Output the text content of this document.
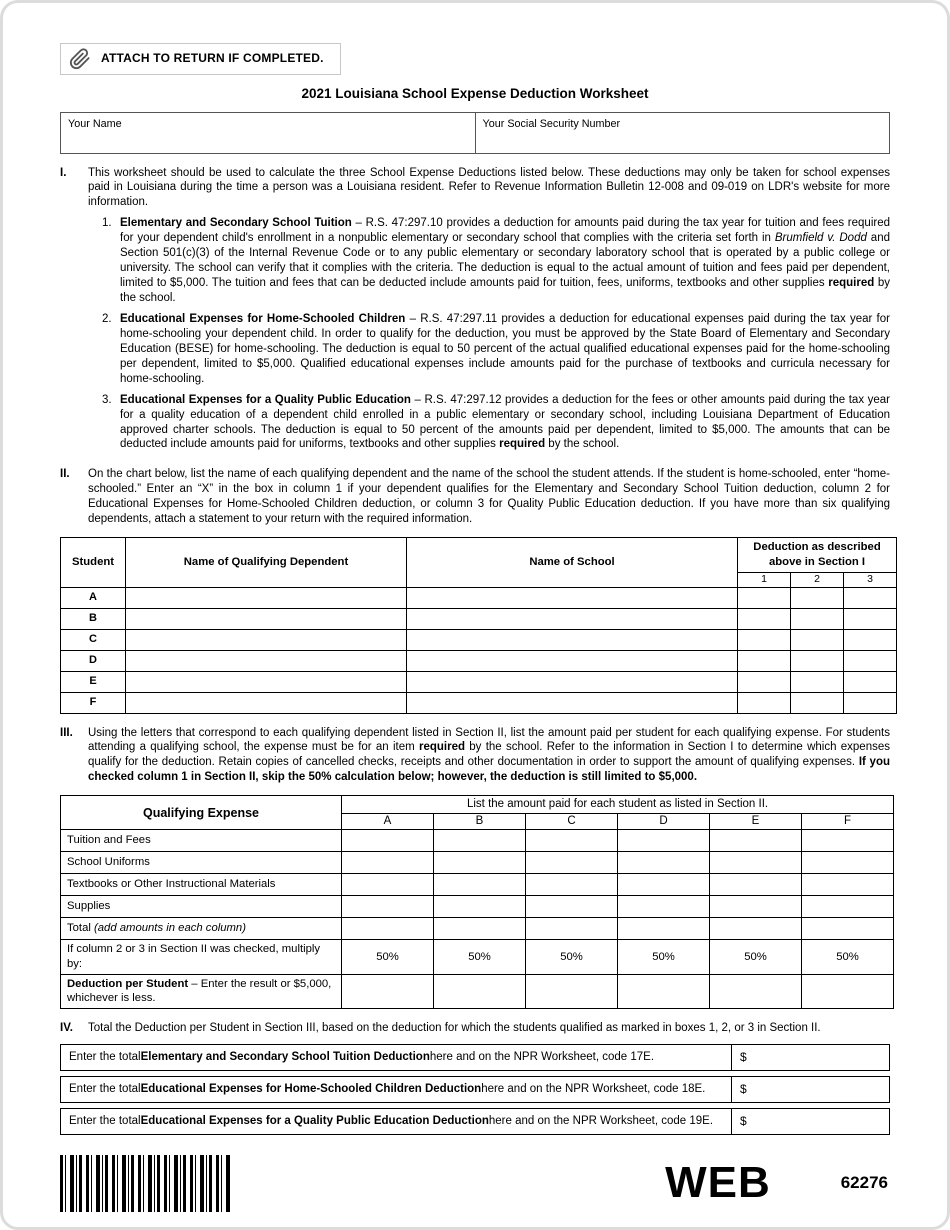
ATTACH TO RETURN IF COMPLETED.
2021 Louisiana School Expense Deduction Worksheet
Your Name	Your Social Security Number
I.	This worksheet should be used to calculate the three School Expense Deductions listed below. These deductions may only be taken for school expenses paid in Louisiana during the time a person was a Louisiana resident. Refer to Revenue Information Bulletin 12-008 and 09-019 on LDR's website for more information.

1. Elementary and Secondary School Tuition – R.S. 47:297.10 provides a deduction for amounts paid during the tax year for tuition and fees required for your dependent child's enrollment in a nonpublic elementary or secondary school that complies with the criteria set forth in Brumfield v. Dodd and Section 501(c)(3) of the Internal Revenue Code or to any public elementary or secondary laboratory school that is operated by a public college or university. The school can verify that it complies with the criteria. The deduction is equal to the actual amount of tuition and fees paid per dependent, limited to $5,000. The tuition and fees that can be deducted include amounts paid for tuition, fees, uniforms, textbooks and other supplies required by the school.
2. Educational Expenses for Home-Schooled Children – R.S. 47:297.11 provides a deduction for educational expenses paid during the tax year for home-schooling your dependent child. In order to qualify for the deduction, you must be approved by the State Board of Elementary and Secondary Education (BESE) for home-schooling. The deduction is equal to 50 percent of the actual qualified educational expenses paid for the home-schooling per dependent, limited to $5,000. Qualified educational expenses include amounts paid for the purchase of textbooks and curricula necessary for home-schooling.
3. Educational Expenses for a Quality Public Education – R.S. 47:297.12 provides a deduction for the fees or other amounts paid during the tax year for a quality education of a dependent child enrolled in a public elementary or secondary school, including Louisiana Department of Education approved charter schools. The deduction is equal to 50 percent of the amounts paid per dependent, limited to $5,000. The amounts that can be deducted include amounts paid for uniforms, textbooks and other supplies required by the school.
II.	On the chart below, list the name of each qualifying dependent and the name of the school the student attends. If the student is home-schooled, enter “home-schooled.” Enter an “X” in the box in column 1 if your dependent qualifies for the Elementary and Secondary School Tuition deduction, column 2 for Educational Expenses for Home-Schooled Children deduction, or column 3 for Quality Public Education deduction. If you have more than six qualifying dependents, attach a statement to your return with the required information.

Student	Name of Qualifying Dependent	Name of School	Deduction as described above in Section I		
			1	2	3
A					
B					
C					
D					
E					
F					
III.	Using the letters that correspond to each qualifying dependent listed in Section II, list the amount paid per student for each qualifying expense. For students attending a qualifying school, the expense must be for an item required by the school. Refer to the information in Section I to determine which expenses qualify for the deduction. Retain copies of cancelled checks, receipts and other documentation in order to support the amount of qualifying expenses. If you checked column 1 in Section II, skip the 50% calculation below; however, the deduction is still limited to $5,000.

Qualifying Expense	List the amount paid for each student as listed in Section II.					
	A	B	C	D	E	F
Tuition and Fees						
School Uniforms						
Textbooks or Other Instructional Materials						
Supplies						
Total (add amounts in each column)						
If column 2 or 3 in Section II was checked, multiply by:	50%	50%	50%	50%	50%	50%
Deduction per Student – Enter the result or $5,000, whichever is less.						
IV.	Total the Deduction per Student in Section III, based on the deduction for which the students qualified as marked in boxes 1, 2, or 3 in Section II.

Enter the total Elementary and Secondary School Tuition Deduction here and on the NPR Worksheet, code 17E.	$
Enter the total Educational Expenses for Home-Schooled Children Deduction here and on the NPR Worksheet, code 18E.	$
Enter the total Educational Expenses for a Quality Public Education Deduction here and on the NPR Worksheet, code 19E. $
WEB	62276
